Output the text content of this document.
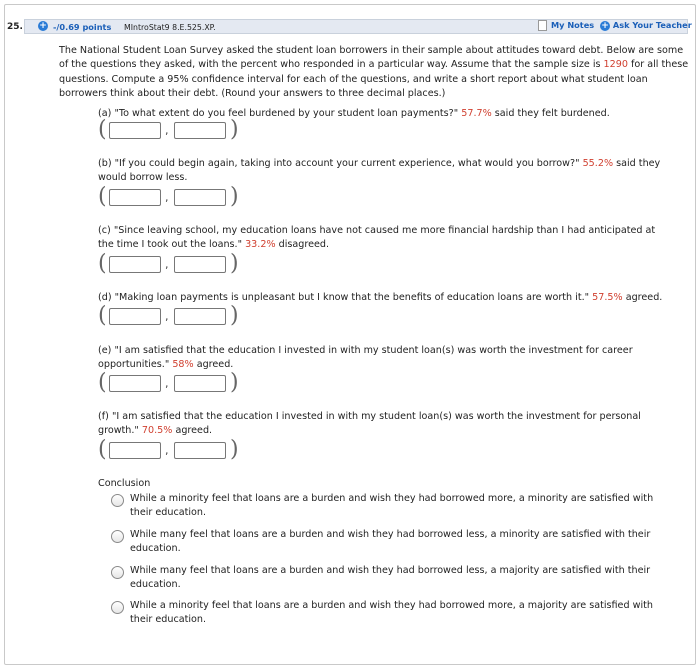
25. + -/0.69 points MIntroStat9 8.E.525.XP.	My Notes + Ask Your Teacher

The National Student Loan Survey asked the student loan borrowers in their sample about attitudes toward debt. Below are some of the questions they asked, with the percent who responded in a particular way. Assume that the sample size is 1290 for all these questions. Compute a 95% confidence interval for each of the questions, and write a short report about what student loan borrowers think about their debt. (Round your answers to three decimal places.)

(a) "To what extent do you feel burdened by your student loan payments?" 57.7% said they felt burdened.

(	,	)

(b) "If you could begin again, taking into account your current experience, what would you borrow?" 55.2% said they would borrow less.

(	,	)

(c) "Since leaving school, my education loans have not caused me more financial hardship than I had anticipated at the time I took out the loans." 33.2% disagreed.

(	,	)

(d) "Making loan payments is unpleasant but I know that the benefits of education loans are worth it." 57.5% agreed.

(	,	)

(e) "I am satisfied that the education I invested in with my student loan(s) was worth the investment for career opportunities." 58% agreed.

(	,	)

(f) "I am satisfied that the education I invested in with my student loan(s) was worth the investment for personal growth." 70.5% agreed.

(	,	)

Conclusion

While a minority feel that loans are a burden and wish they had borrowed more, a minority are satisfied with their education.

While many feel that loans are a burden and wish they had borrowed less, a minority are satisfied with their education.

While many feel that loans are a burden and wish they had borrowed less, a majority are satisfied with their education.

While a minority feel that loans are a burden and wish they had borrowed more, a majority are satisfied with their education.
